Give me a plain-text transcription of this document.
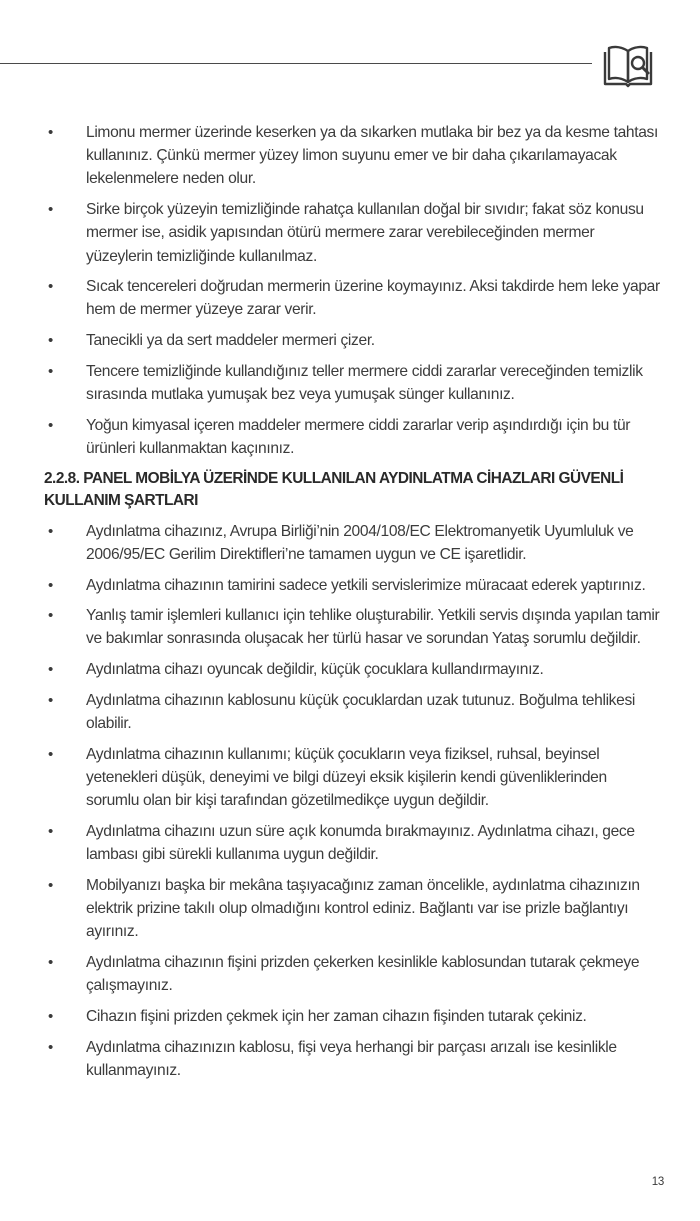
• Limonu mermer üzerinde keserken ya da sıkarken mutlaka bir bez ya da kesme tahtası kullanınız. Çünkü mermer yüzey limon suyunu emer ve bir daha çıkarılamayacak lekelenmelere neden olur.
• Sirke birçok yüzeyin temizliğinde rahatça kullanılan doğal bir sıvıdır; fakat söz konusu mermer ise, asidik yapısından ötürü mermere zarar verebileceğinden mermer yüzeylerin temizliğinde kullanılmaz.
• Sıcak tencereleri doğrudan mermerin üzerine koymayınız. Aksi takdirde hem leke yapar hem de mermer yüzeye zarar verir.
• Tanecikli ya da sert maddeler mermeri çizer.
• Tencere temizliğinde kullandığınız teller mermere ciddi zararlar vereceğinden temizlik sırasında mutlaka yumuşak bez veya yumuşak sünger kullanınız.
• Yoğun kimyasal içeren maddeler mermere ciddi zararlar verip aşındırdığı için bu tür ürünleri kullanmaktan kaçınınız.
2.2.8. PANEL MOBİLYA ÜZERİNDE KULLANILAN AYDINLATMA CİHAZLARI GÜVENLİ KULLANIM ŞARTLARI
• Aydınlatma cihazınız, Avrupa Birliği’nin 2004/108/EC Elektromanyetik Uyumluluk ve 2006/95/EC Gerilim Direktifleri’ne tamamen uygun ve CE işaretlidir.
• Aydınlatma cihazının tamirini sadece yetkili servislerimize müracaat ederek yaptırınız.
• Yanlış tamir işlemleri kullanıcı için tehlike oluşturabilir. Yetkili servis dışında yapılan tamir ve bakımlar sonrasında oluşacak her türlü hasar ve sorundan Yataş sorumlu değildir.
• Aydınlatma cihazı oyuncak değildir, küçük çocuklara kullandırmayınız.
• Aydınlatma cihazının kablosunu küçük çocuklardan uzak tutunuz. Boğulma tehlikesi olabilir.
• Aydınlatma cihazının kullanımı; küçük çocukların veya fiziksel, ruhsal, beyinsel yetenekleri düşük, deneyimi ve bilgi düzeyi eksik kişilerin kendi güvenliklerinden sorumlu olan bir kişi tarafından gözetilmedikçe uygun değildir.
• Aydınlatma cihazını uzun süre açık konumda bırakmayınız. Aydınlatma cihazı, gece lambası gibi sürekli kullanıma uygun değildir.
• Mobilyanızı başka bir mekâna taşıyacağınız zaman öncelikle, aydınlatma cihazınızın elektrik prizine takılı olup olmadığını kontrol ediniz. Bağlantı var ise prizle bağlantıyı ayırınız.
• Aydınlatma cihazının fişini prizden çekerken kesinlikle kablosundan tutarak çekmeye çalışmayınız.
• Cihazın fişini prizden çekmek için her zaman cihazın fişinden tutarak çekiniz.
• Aydınlatma cihazınızın kablosu, fişi veya herhangi bir parçası arızalı ise kesinlikle kullanmayınız.
13
